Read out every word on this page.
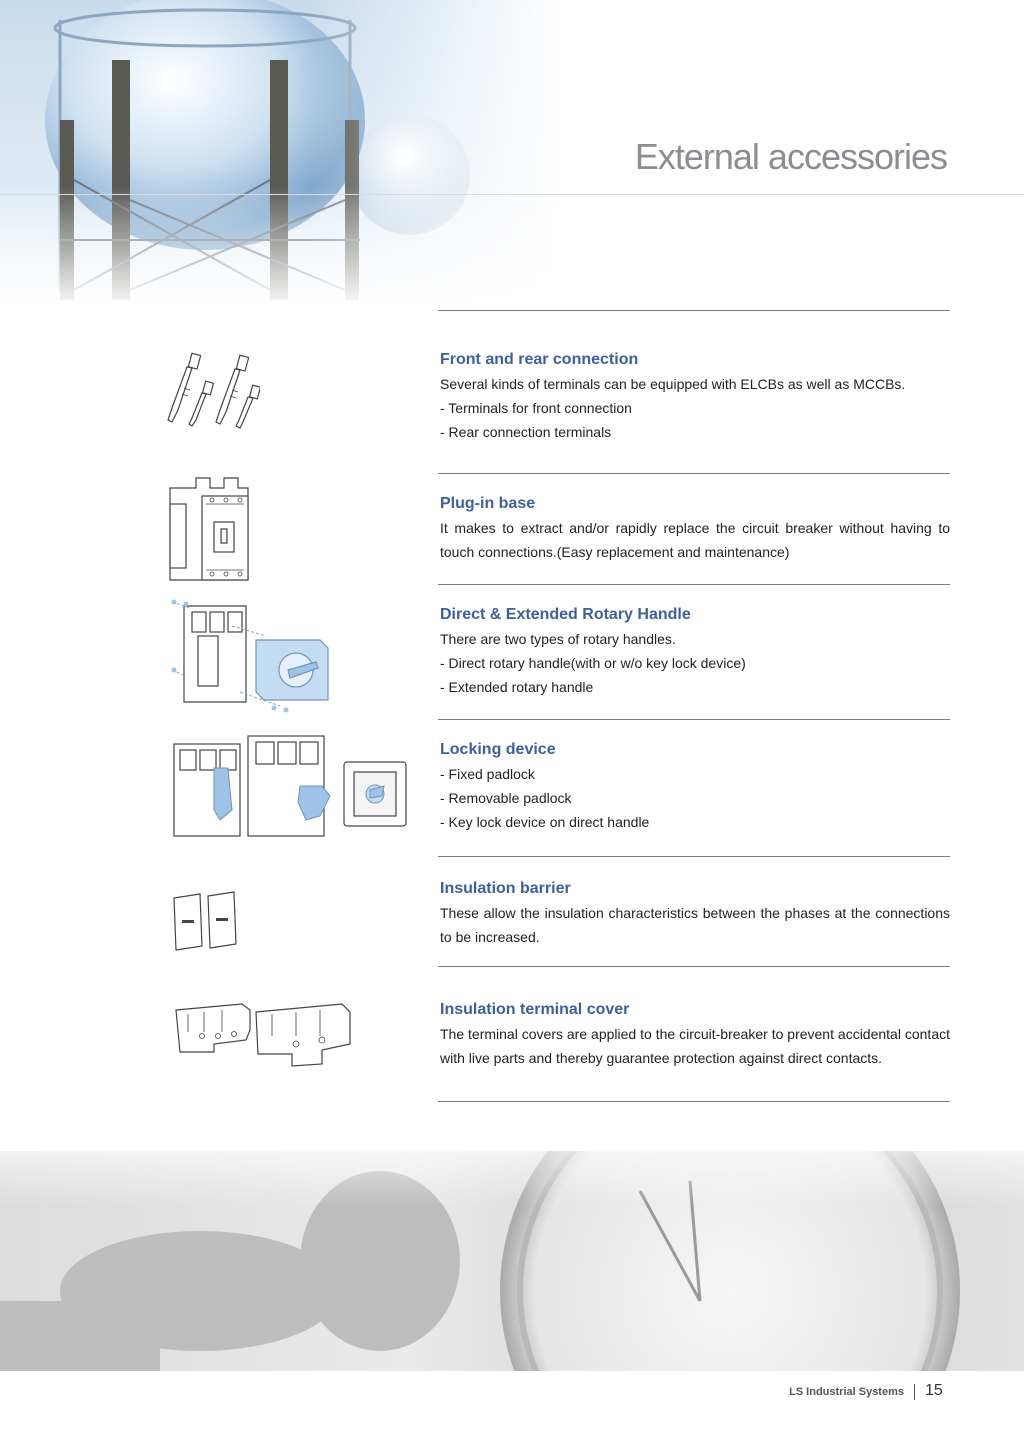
External accessories
Front and rear connection

Several kinds of terminals can be equipped with ELCBs as well as MCCBs.

- Terminals for front connection

- Rear connection terminals

Plug-in base

It makes to extract and/or rapidly replace the circuit breaker without having to touch connections.(Easy replacement and maintenance)

Direct & Extended Rotary Handle

There are two types of rotary handles.

- Direct rotary handle(with or w/o key lock device)

- Extended rotary handle

Locking device

- Fixed padlock

- Removable padlock

- Key lock device on direct handle

Insulation barrier

These allow the insulation characteristics between the phases at the connections to be increased.

Insulation terminal cover

The terminal covers are applied to the circuit-breaker to prevent accidental contact with live parts and thereby guarantee protection against direct contacts.

LS Industrial Systems 15
